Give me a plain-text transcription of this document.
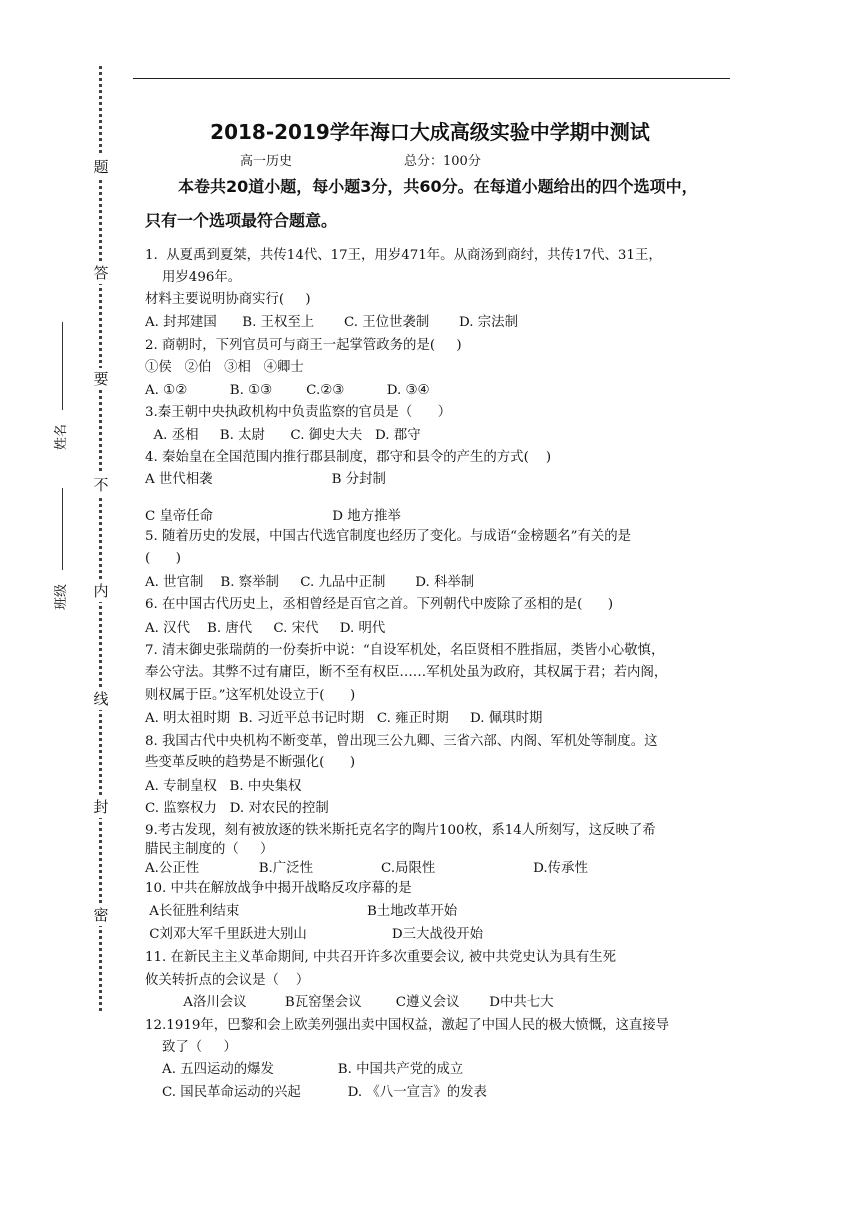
题
答
要
不
内
线
封
密
姓名
班级
2018-2019学年海口大成高级实验中学期中测试
高一历史	总分：100分
本卷共20道小题，每小题3分，共60分。在每道小题给出的四个选项中，
只有一个选项最符合题意。
1.  从夏禹到夏桀，共传14代、17王，用岁471年。从商汤到商纣，共传17代、31王，
用岁496年。
材料主要说明协商实行(     )
A. 封邦建国      B. 王权至上       C. 王位世袭制       D. 宗法制
2. 商朝时，下列官员可与商王一起掌管政务的是(     )
①侯   ②伯   ③相   ④卿士
A. ①②          B. ①③        C.②③          D. ③④
3.秦王朝中央执政机构中负责监察的官员是（      ）
A. 丞相     B. 太尉      C. 御史大夫   D. 郡守
4. 秦始皇在全国范围内推行郡县制度，郡守和县令的产生的方式(    )
A 世代相袭                            B 分封制
C 皇帝任命                            D 地方推举
5. 随着历史的发展，中国古代选官制度也经历了变化。与成语“金榜题名”有关的是
(      )
A. 世官制    B. 察举制     C. 九品中正制       D. 科举制
6. 在中国古代历史上，丞相曾经是百官之首。下列朝代中废除了丞相的是(      )
A. 汉代    B. 唐代     C. 宋代     D. 明代
7. 清末御史张瑞荫的一份奏折中说：“自设军机处，名臣贤相不胜指屈，类皆小心敬慎，
奉公守法。其弊不过有庸臣，断不至有权臣……军机处虽为政府，其权属于君；若内阁，
则权属于臣。”这军机处设立于(      )
A. 明太祖时期  B. 习近平总书记时期   C. 雍正时期     D. 佩琪时期
8. 我国古代中央机构不断变革，曾出现三公九卿、三省六部、内阁、军机处等制度。这
些变革反映的趋势是不断强化(      )
A. 专制皇权   B. 中央集权
C. 监察权力   D. 对农民的控制
9.考古发现，刻有被放逐的铁米斯托克名字的陶片100枚，系14人所刻写，这反映了希
腊民主制度的（     ）
A.公正性              B.广泛性                C.局限性                       D.传承性
10. 中共在解放战争中揭开战略反攻序幕的是
A长征胜利结束                              B土地改革开始
C刘邓大军千里跃进大别山                    D三大战役开始
11. 在新民主主义革命期间, 中共召开许多次重要会议, 被中共党史认为具有生死
攸关转折点的会议是（    ）
A洛川会议         B瓦窑堡会议        C遵义会议       D中共七大
12.1919年，巴黎和会上欧美列强出卖中国权益，激起了中国人民的极大愤慨，这直接导
致了（     ）
A. 五四运动的爆发               B. 中国共产党的成立
C. 国民革命运动的兴起           D. 《八一宣言》的发表
